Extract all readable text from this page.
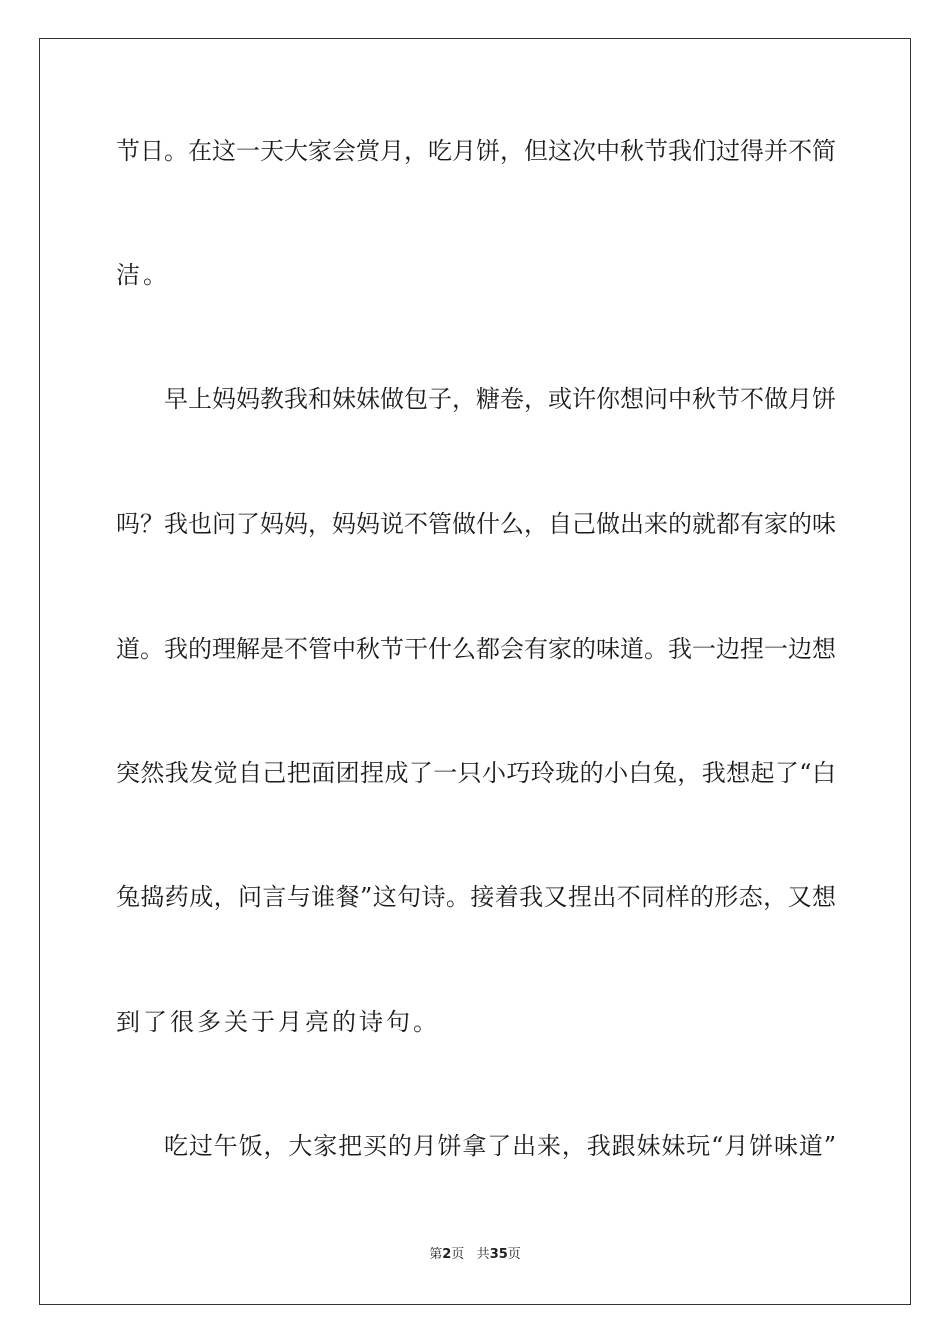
节日。在这一天大家会赏月，吃月饼，但这次中秋节我们过得并不简
洁。
早上妈妈教我和妹妹做包子，糖卷，或许你想问中秋节不做月饼
吗？我也问了妈妈，妈妈说不管做什么，自己做出来的就都有家的味
道。我的理解是不管中秋节干什么都会有家的味道。我一边捏一边想
突然我发觉自己把面团捏成了一只小巧玲珑的小白兔，我想起了“白
兔捣药成，问言与谁餐”这句诗。接着我又捏出不同样的形态，又想
到了很多关于月亮的诗句。
吃过午饭，大家把买的月饼拿了出来，我跟妹妹玩“月饼味道”
第2页 共35页
